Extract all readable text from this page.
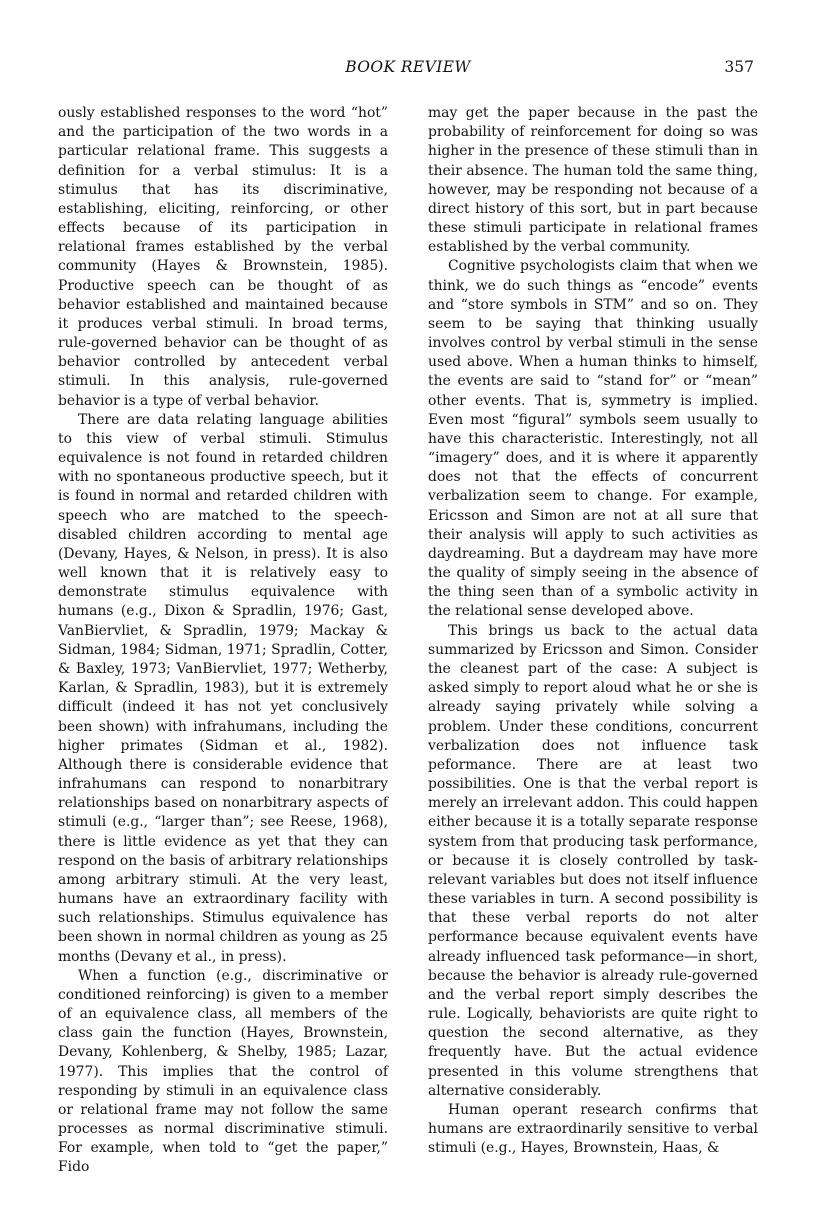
BOOK REVIEW	357

ously established responses to the word “hot” and the participation of the two words in a particular relational frame. This suggests a definition for a verbal stimulus: It is a stimulus that has its discriminative, establishing, eliciting, reinforcing, or other effects because of its participation in relational frames established by the verbal community (Hayes & Brownstein, 1985). Productive speech can be thought of as behavior established and maintained because it produces verbal stimuli. In broad terms, rule-governed behavior can be thought of as behavior controlled by antecedent verbal stimuli. In this analysis, rule-governed behavior is a type of verbal behavior.

There are data relating language abilities to this view of verbal stimuli. Stimulus equivalence is not found in retarded children with no spontaneous productive speech, but it is found in normal and retarded children with speech who are matched to the speech-disabled children according to mental age (Devany, Hayes, & Nelson, in press). It is also well known that it is relatively easy to demonstrate stimulus equivalence with humans (e.g., Dixon & Spradlin, 1976; Gast, VanBiervliet, & Spradlin, 1979; Mackay & Sidman, 1984; Sidman, 1971; Spradlin, Cotter, & Baxley, 1973; VanBiervliet, 1977; Wetherby, Karlan, & Spradlin, 1983), but it is extremely difficult (indeed it has not yet conclusively been shown) with infrahumans, including the higher primates (Sidman et al., 1982). Although there is considerable evidence that infrahumans can respond to nonarbitrary relationships based on nonarbitrary aspects of stimuli (e.g., “larger than”; see Reese, 1968), there is little evidence as yet that they can respond on the basis of arbitrary relationships among arbitrary stimuli. At the very least, humans have an extraordinary facility with such relationships. Stimulus equivalence has been shown in normal children as young as 25 months (Devany et al., in press).

When a function (e.g., discriminative or conditioned reinforcing) is given to a member of an equivalence class, all members of the class gain the function (Hayes, Brownstein, Devany, Kohlenberg, & Shelby, 1985; Lazar, 1977). This implies that the control of responding by stimuli in an equivalence class or relational frame may not follow the same processes as normal discriminative stimuli. For example, when told to “get the paper,” Fido

may get the paper because in the past the probability of reinforcement for doing so was higher in the presence of these stimuli than in their absence. The human told the same thing, however, may be responding not because of a direct history of this sort, but in part because these stimuli participate in relational frames established by the verbal community.

Cognitive psychologists claim that when we think, we do such things as “encode” events and “store symbols in STM” and so on. They seem to be saying that thinking usually involves control by verbal stimuli in the sense used above. When a human thinks to himself, the events are said to “stand for” or “mean” other events. That is, symmetry is implied. Even most “figural” symbols seem usually to have this characteristic. Interestingly, not all “imagery” does, and it is where it apparently does not that the effects of concurrent verbalization seem to change. For example, Ericsson and Simon are not at all sure that their analysis will apply to such activities as daydreaming. But a daydream may have more the quality of simply seeing in the absence of the thing seen than of a symbolic activity in the relational sense developed above.

This brings us back to the actual data summarized by Ericsson and Simon. Consider the cleanest part of the case: A subject is asked simply to report aloud what he or she is already saying privately while solving a problem. Under these conditions, concurrent verbalization does not influence task peformance. There are at least two possibilities. One is that the verbal report is merely an irrelevant addon. This could happen either because it is a totally separate response system from that producing task performance, or because it is closely controlled by task-relevant variables but does not itself influence these variables in turn. A second possibility is that these verbal reports do not alter performance because equivalent events have already influenced task peformance—in short, because the behavior is already rule-governed and the verbal report simply describes the rule. Logically, behaviorists are quite right to question the second alternative, as they frequently have. But the actual evidence presented in this volume strengthens that alternative considerably.

Human operant research confirms that humans are extraordinarily sensitive to verbal stimuli (e.g., Hayes, Brownstein, Haas, &
